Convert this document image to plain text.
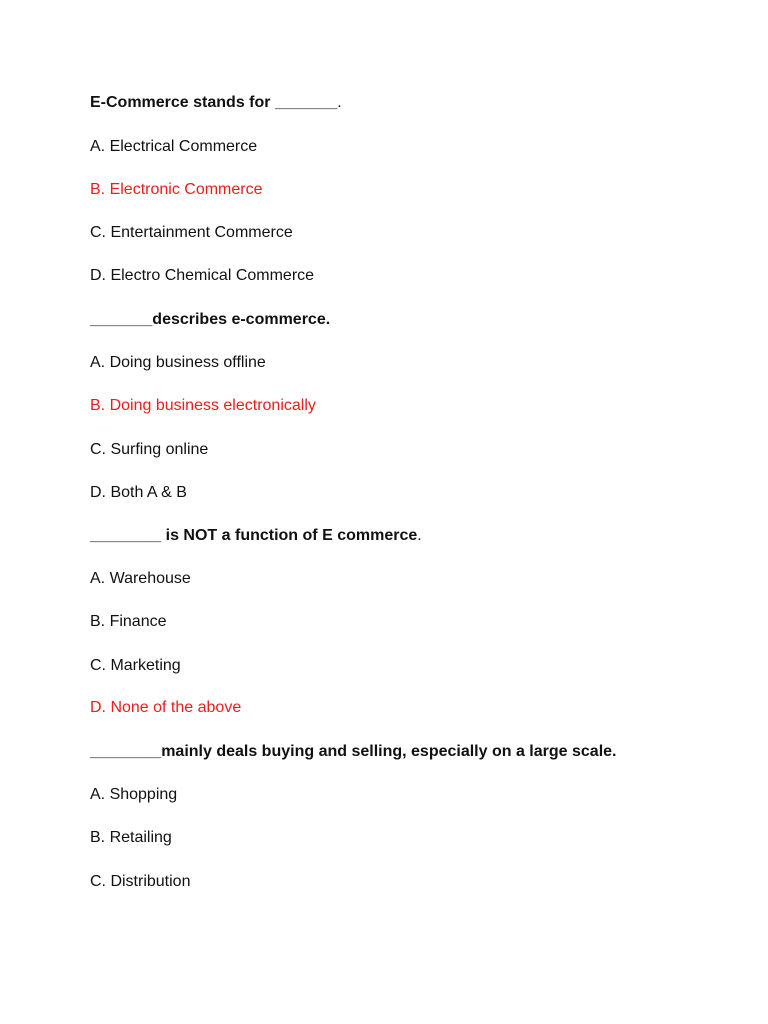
E-Commerce stands for _______.
A. Electrical Commerce
B. Electronic Commerce
C. Entertainment Commerce
D. Electro Chemical Commerce
_______describes e-commerce.
A. Doing business offline
B. Doing business electronically
C. Surfing online
D. Both A & B
________ is NOT a function of E commerce.
A. Warehouse
B. Finance
C. Marketing
D. None of the above
________mainly deals buying and selling, especially on a large scale.
A. Shopping
B. Retailing
C. Distribution
